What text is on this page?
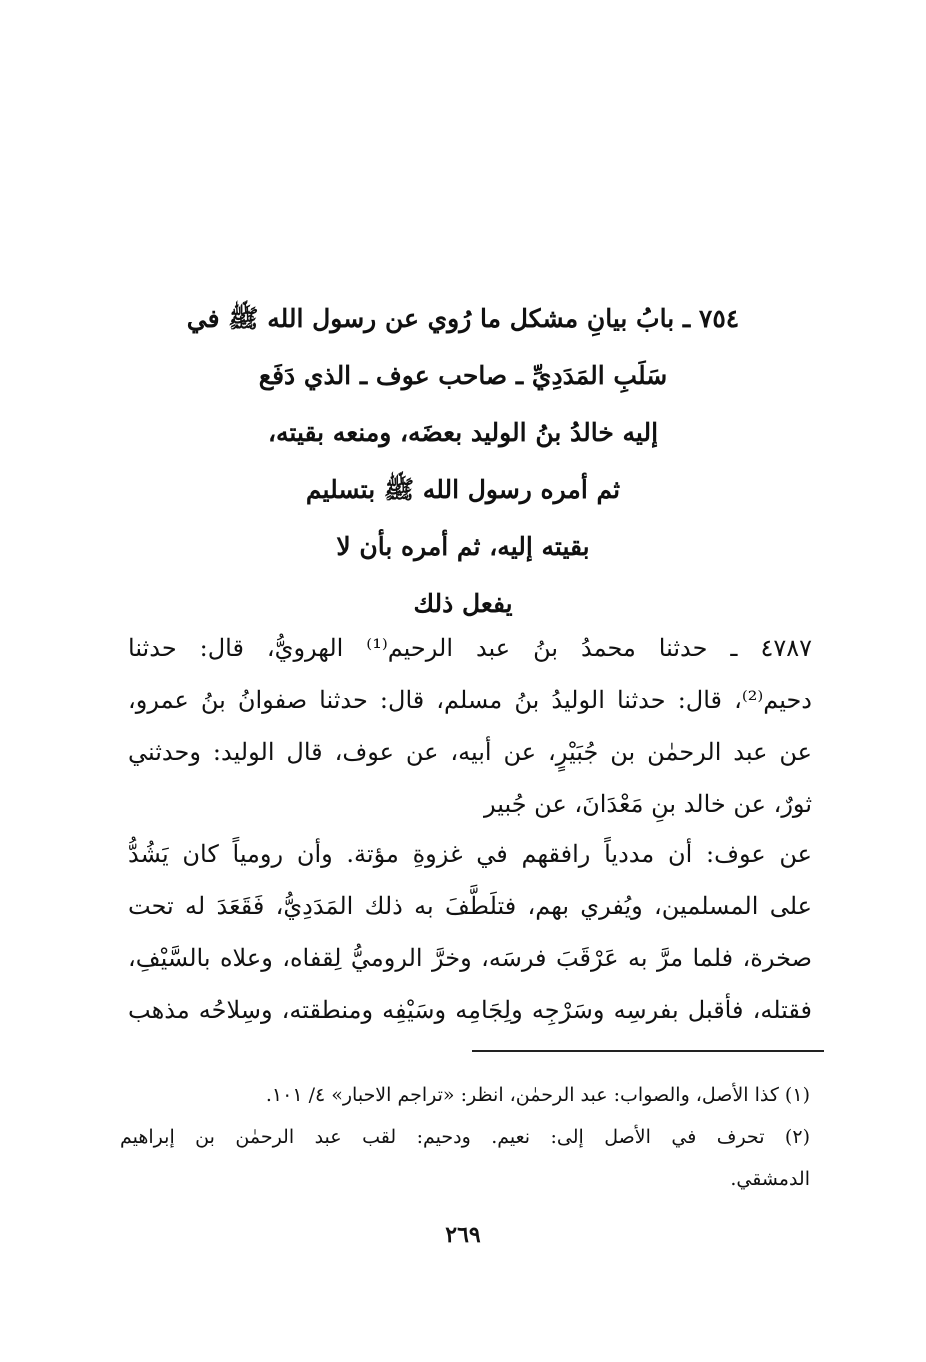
٧٥٤ ـ بابُ بيانِ مشكل ما رُوي عن رسول الله ﷺ في
سَلَبِ المَدَدِيِّ ـ صاحب عوف ـ الذي دَفَع
إليه خالدُ بنُ الوليد بعضَه، ومنعه بقيته،
ثم أمره رسول الله ﷺ بتسليم
بقيته إليه، ثم أمره بأن لا
يفعل ذلك
٤٧٨٧ ـ حدثنا محمدُ بنُ عبد الرحيم⁽¹⁾ الهرويُّ، قال: حدثنا
دحيم⁽²⁾، قال: حدثنا الوليدُ بنُ مسلم، قال: حدثنا صفوانُ بنُ عمرو،
عن عبد الرحمٰن بن جُبَيْرٍ، عن أبيه، عن عوف، قال الوليد: وحدثني
ثورٌ، عن خالد بنِ مَعْدَانَ، عن جُبير
عن عوف: أن مددياً رافقهم في غزوةِ مؤتة. وأن رومياً كان يَشُدُّ
على المسلمين، ويُفري بهم، فتلَطَّفَ به ذلك المَدَدِيُّ، فَقَعَدَ له تحت
صخرة، فلما مرَّ به عَرْقَبَ فرسَه، وخرَّ الروميُّ لِقفاه، وعلاه بالسَّيْفِ،
فقتله، فأقبل بفرسِه وسَرْجِه ولِجَامِه وسَيْفِه ومنطقته، وسِلاحُه مذهب
(١) كذا الأصل، والصواب: عبد الرحمٰن، انظر: «تراجم الاحبار» ٤/ ١٠١.
(٢) تحرف في الأصل إلى: نعيم. ودحيم: لقب عبد الرحمٰن بن إبراهيم
الدمشقي.
٢٦٩
